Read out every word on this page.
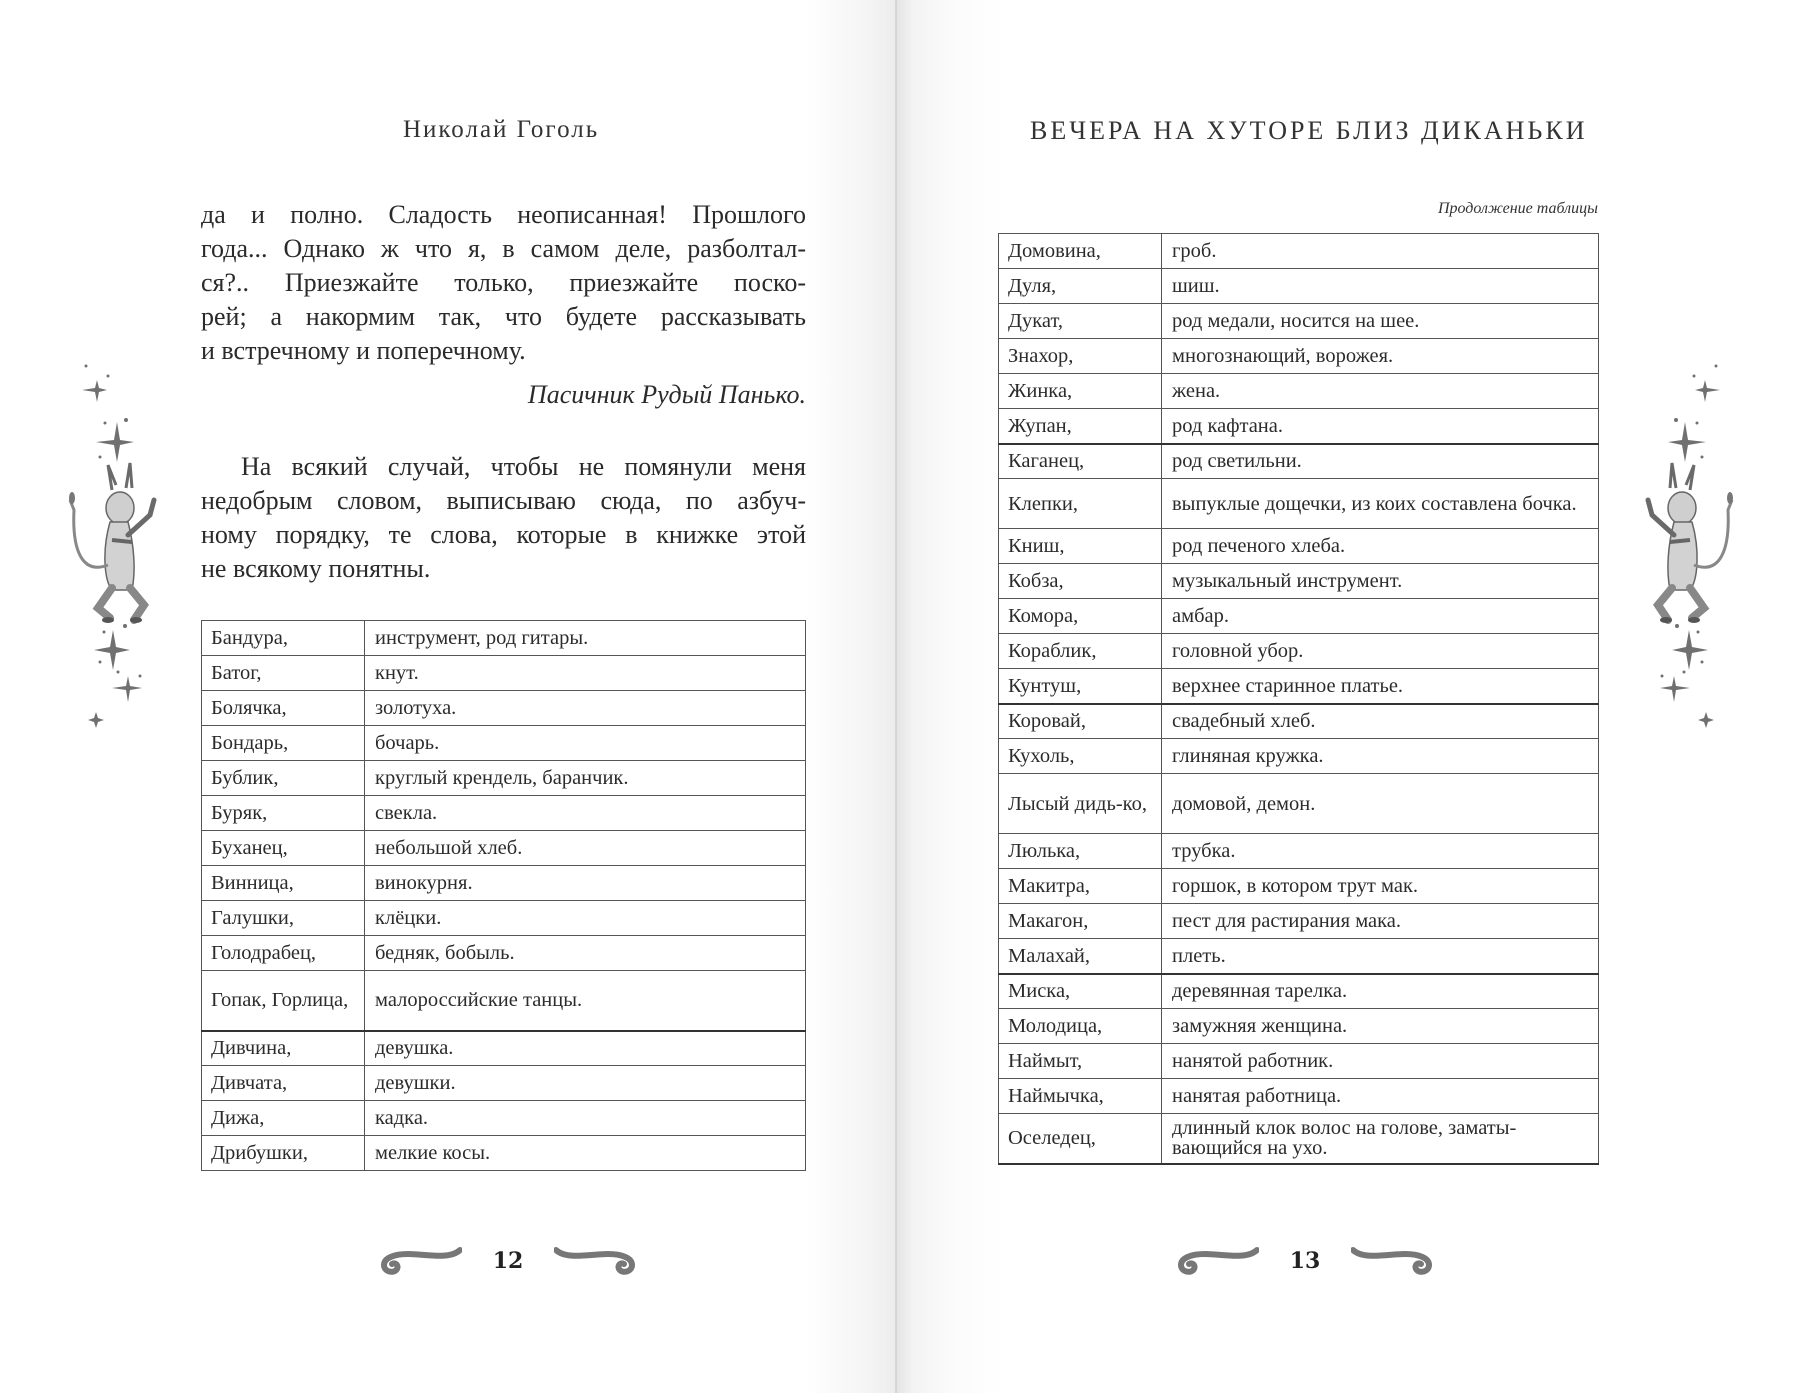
Николай Гоголь
да и полно. Сладость неописанная! Прошлого
года... Однако ж что я, в самом деле, разболтал-
ся?.. Приезжайте только, приезжайте поско-
рей; а накормим так, что будете рассказывать
и встречному и поперечному.
Пасичник Рудый Панько.
На всякий случай, чтобы не помянули меня
недобрым словом, выписываю сюда, по азбуч-
ному порядку, те слова, которые в книжке этой
не всякому понятны.
Бандура,	инструмент, род гитары.
Батог,	кнут.
Болячка,	золотуха.
Бондарь,	бочарь.
Бублик,	круглый крендель, баранчик.
Буряк,	свекла.
Буханец,	небольшой хлеб.
Винница,	винокурня.
Галушки,	клёцки.
Голодрабец,	бедняк, бобыль.
Гопак, Горлица,	малороссийские танцы.
Дивчина,	девушка.
Дивчата,	девушки.
Дижа,	кадка.
Дрибушки,	мелкие косы.
12
ВЕЧЕРА НА ХУТОРЕ БЛИЗ ДИКАНЬКИ
Продолжение таблицы
Домовина,	гроб.
Дуля,	шиш.
Дукат,	род медали, носится на шее.
Знахор,	многознающий, ворожея.
Жинка,	жена.
Жупан,	род кафтана.
Каганец,	род светильни.
Клепки,	выпуклые дощечки, из коих составлена бочка.
Книш,	род печеного хлеба.
Кобза,	музыкальный инструмент.
Комора,	амбар.
Кораблик,	головной убор.
Кунтуш,	верхнее старинное платье.
Коровай,	свадебный хлеб.
Кухоль,	глиняная кружка.
Лысый дидь-ко,	домовой, демон.
Люлька,	трубка.
Макитра,	горшок, в котором трут мак.
Макагон,	пест для растирания мака.
Малахай,	плеть.
Миска,	деревянная тарелка.
Молодица,	замужняя женщина.
Наймыт,	нанятой работник.
Наймычка,	нанятая работница.
Оселедец,	длинный клок волос на голове, заматы-вающийся на ухо.
13
